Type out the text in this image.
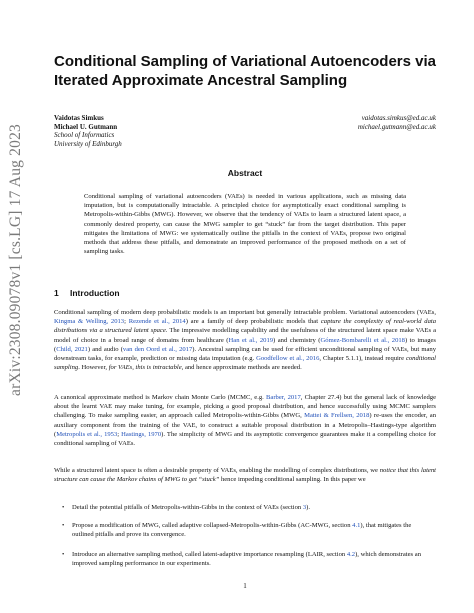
arXiv:2308.09078v1 [cs.LG] 17 Aug 2023
Conditional Sampling of Variational Autoencoders via Iterated Approximate Ancestral Sampling
Vaidotas Simkus
Michael U. Gutmann
School of Informatics
University of Edinburgh
vaidotas.simkus@ed.ac.uk
michael.gutmann@ed.ac.uk
Abstract
Conditional sampling of variational autoencoders (VAEs) is needed in various applications, such as missing data imputation, but is computationally intractable. A principled choice for asymptotically exact conditional sampling is Metropolis-within-Gibbs (MWG). However, we observe that the tendency of VAEs to learn a structured latent space, a commonly desired property, can cause the MWG sampler to get “stuck” far from the target distribution. This paper mitigates the limitations of MWG: we systematically outline the pitfalls in the context of VAEs, propose two original methods that address these pitfalls, and demonstrate an improved performance of the proposed methods on a set of sampling tasks.
1 Introduction
Conditional sampling of modern deep probabilistic models is an important but generally intractable problem. Variational autoencoders (VAEs, Kingma & Welling, 2013; Rezende et al., 2014) are a family of deep probabilistic models that capture the complexity of real-world data distributions via a structured latent space. The impressive modelling capability and the usefulness of the structured latent space make VAEs a model of choice in a broad range of domains from healthcare (Han et al., 2019) and chemistry (Gómez-Bombarelli et al., 2018) to images (Child, 2021) and audio (van den Oord et al., 2017). Ancestral sampling can be used for efficient unconditional sampling of VAEs, but many downstream tasks, for example, prediction or missing data imputation (e.g. Goodfellow et al., 2016, Chapter 5.1.1), instead require conditional sampling. However, for VAEs, this is intractable, and hence approximate methods are needed.
A canonical approximate method is Markov chain Monte Carlo (MCMC, e.g. Barber, 2017, Chapter 27.4) but the general lack of knowledge about the learnt VAE may make tuning, for example, picking a good proposal distribution, and hence successfully using MCMC samplers challenging. To make sampling easier, an approach called Metropolis-within-Gibbs (MWG, Mattei & Frellsen, 2018) re-uses the encoder, an auxiliary component from the training of the VAE, to construct a suitable proposal distribution in a Metropolis–Hastings-type algorithm (Metropolis et al., 1953; Hastings, 1970). The simplicity of MWG and its asymptotic convergence guarantees make it a compelling choice for conditional sampling of VAEs.
While a structured latent space is often a desirable property of VAEs, enabling the modelling of complex distributions, we notice that this latent structure can cause the Markov chains of MWG to get “stuck” hence impeding conditional sampling. In this paper we
• Detail the potential pitfalls of Metropolis-within-Gibbs in the context of VAEs (section 3).
• Propose a modification of MWG, called adaptive collapsed-Metropolis-within-Gibbs (AC-MWG, section 4.1), that mitigates the outlined pitfalls and prove its convergence.
• Introduce an alternative sampling method, called latent-adaptive importance resampling (LAIR, section 4.2), which demonstrates an improved sampling performance in our experiments.
1
